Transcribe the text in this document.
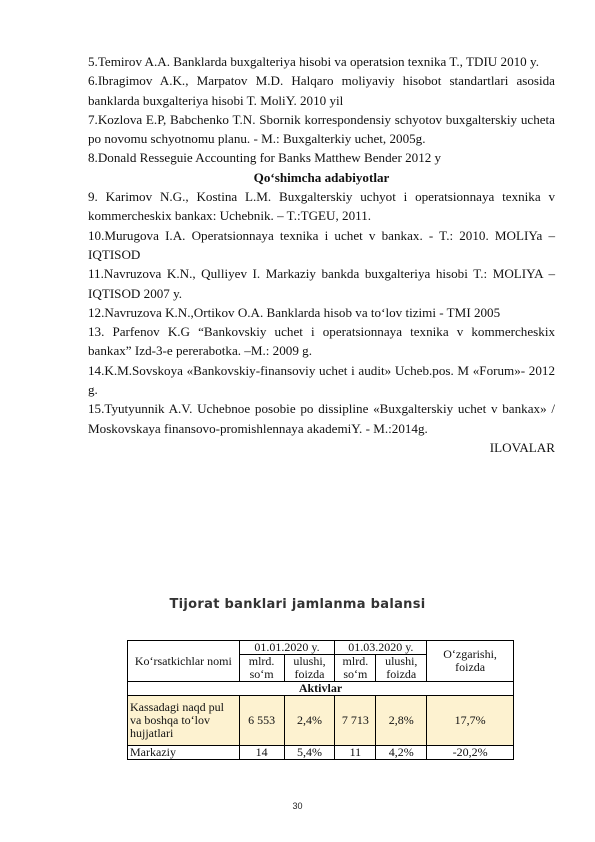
5.Temirov A.A. Banklarda buxgalteriya hisobi va operatsion texnika T., TDIU 2010 y.

6.Ibragimov A.K., Marpatov M.D. Halqaro moliyaviy hisobot standartlari asosida banklarda buxgalteriya hisobi T. MoliY. 2010 yil

7.Kozlova E.P, Babchenko T.N. Sbornik korrespondensiy schyotov buxgalterskiy ucheta po novomu schyotnomu planu. - M.: Buxgalterkiy uchet, 2005g.

8.Donald Resseguie Accounting for Banks Matthew Bender 2012 y

Qo‘shimcha adabiyotlar

9. Karimov N.G., Kostina L.M. Buxgalterskiy uchyot i operatsionnaya texnika v kommercheskix bankax: Uchebnik. – T.:TGEU, 2011.

10.Murugova I.A. Operatsionnaya texnika i uchet v bankax. - T.: 2010. MOLIYa – IQTISOD

11.Navruzova K.N., Qulliyev I. Markaziy bankda buxgalteriya hisobi T.: MOLIYA – IQTISOD 2007 y.

12.Navruzova K.N.,Ortikov O.A. Banklarda hisob va to‘lov tizimi - TMI 2005

13. Parfenov K.G “Bankovskiy uchet i operatsionnaya texnika v kommercheskix bankax” Izd-3-e pererabotka. –M.: 2009 g.

14.K.M.Sovskoya «Bankovskiy-finansoviy uchet i audit» Ucheb.pos. M «Forum»- 2012 g.

15.Tyutyunnik A.V. Uchebnoe posobie po dissipline «Buxgalterskiy uchet v bankax» / Moskovskaya finansovo-promishlennaya akademiY. - M.:2014g.

ILOVALAR

Tijorat banklari jamlanma balansi
Ko‘rsatkichlar nomi	01.01.2020 y.		01.03.2020 y.		O‘zgarishi, foizda
	mlrd. so‘m	ulushi, foizda	mlrd. so‘m	ulushi, foizda	
Aktivlar					
Kassadagi naqd pul va boshqa to‘lov hujjatlari	6 553	2,4%	7 713	2,8%	17,7%
Markaziy	14	5,4%	11	4,2%	-20,2%
30
